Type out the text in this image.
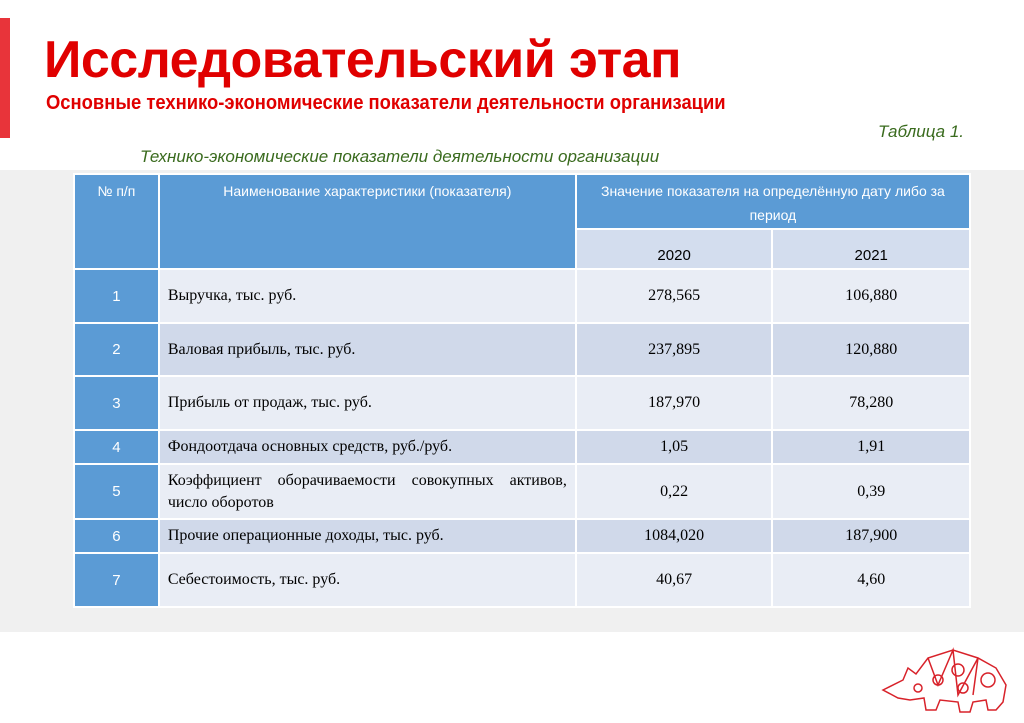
Исследовательский этап
Основные технико-экономические показатели деятельности организации
Таблица 1.
Технико-экономические показатели деятельности организации
№ п/п	Наименование характеристики (показателя)	Значение показателя на определённую дату либо за период	
		2020	2021
1	Выручка, тыс. руб.	278,565	106,880
2	Валовая прибыль, тыс. руб.	237,895	120,880
3	Прибыль от продаж, тыс. руб.	187,970	78,280
4	Фондоотдача основных средств, руб./руб.	1,05	1,91
5	Коэффициент оборачиваемости совокупных активов, число оборотов	0,22	0,39
6	Прочие операционные доходы, тыс. руб.	1084,020	187,900
7	Себестоимость, тыс. руб.	40,67	4,60
